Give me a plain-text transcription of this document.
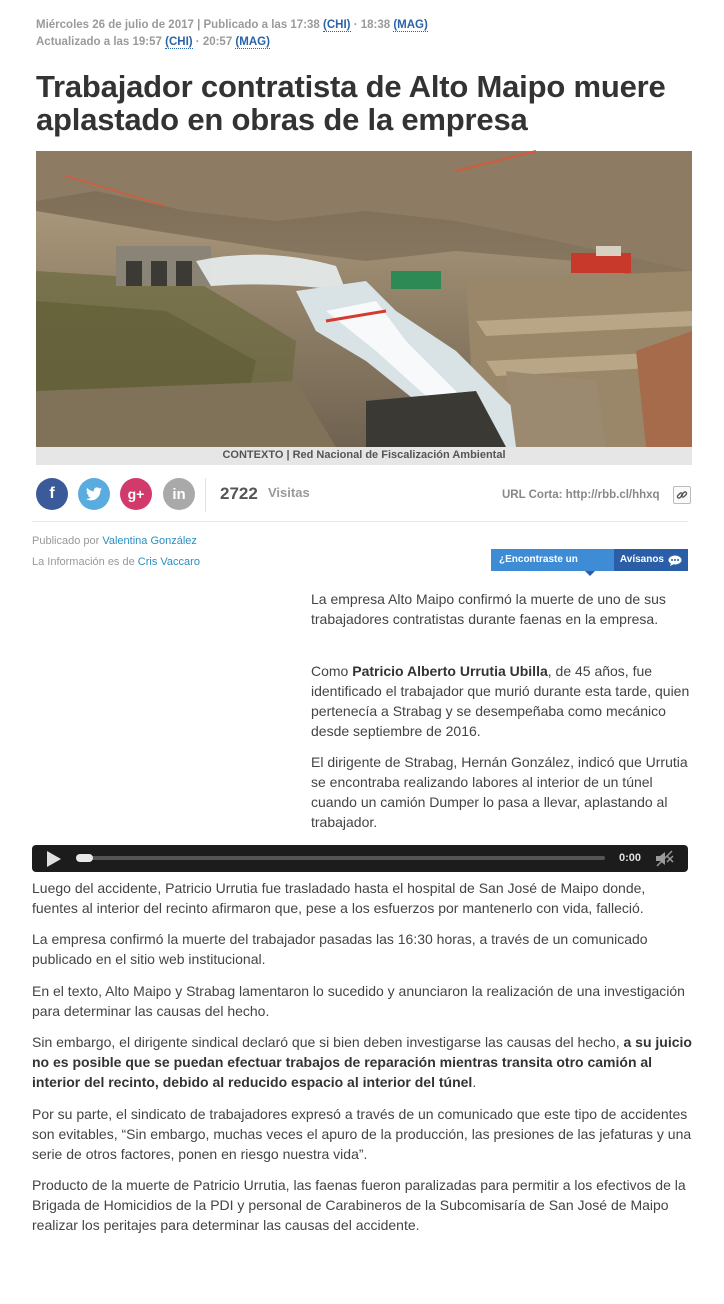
Miércoles 26 de julio de 2017 | Publicado a las 17:38 (CHI) · 18:38 (MAG)
Actualizado a las 19:57 (CHI) · 20:57 (MAG)
Trabajador contratista de Alto Maipo muere aplastado en obras de la empresa
CONTEXTO | Red Nacional de Fiscalización Ambiental
f	g+ in 2722 Visitas	URL Corta: http://rbb.cl/hhxq
Publicado por Valentina González
La Información es de Cris Vaccaro	¿Encontraste un error?
Avísanos

La empresa Alto Maipo confirmó la muerte de uno de sus trabajadores contratistas durante faenas en la empresa.

Como Patricio Alberto Urrutia Ubilla, de 45 años, fue identificado el trabajador que murió durante esta tarde, quien pertenecía a Strabag y se desempeñaba como mecánico desde septiembre de 2016.

El dirigente de Strabag, Hernán González, indicó que Urrutia se encontraba realizando labores al interior de un túnel cuando un camión Dumper lo pasa a llevar, aplastando al trabajador.

0:00

Luego del accidente, Patricio Urrutia fue trasladado hasta el hospital de San José de Maipo donde, fuentes al interior del recinto afirmaron que, pese a los esfuerzos por mantenerlo con vida, falleció.

La empresa confirmó la muerte del trabajador pasadas las 16:30 horas, a través de un comunicado publicado en el sitio web institucional.

En el texto, Alto Maipo y Strabag lamentaron lo sucedido y anunciaron la realización de una investigación para determinar las causas del hecho.

Sin embargo, el dirigente sindical declaró que si bien deben investigarse las causas del hecho, a su juicio no es posible que se puedan efectuar trabajos de reparación mientras transita otro camión al interior del recinto, debido al reducido espacio al interior del túnel.

Por su parte, el sindicato de trabajadores expresó a través de un comunicado que este tipo de accidentes son evitables, “Sin embargo, muchas veces el apuro de la producción, las presiones de las jefaturas y una serie de otros factores, ponen en riesgo nuestra vida”.

Producto de la muerte de Patricio Urrutia, las faenas fueron paralizadas para permitir a los efectivos de la Brigada de Homicidios de la PDI y personal de Carabineros de la Subcomisaría de San José de Maipo realizar los peritajes para determinar las causas del accidente.
